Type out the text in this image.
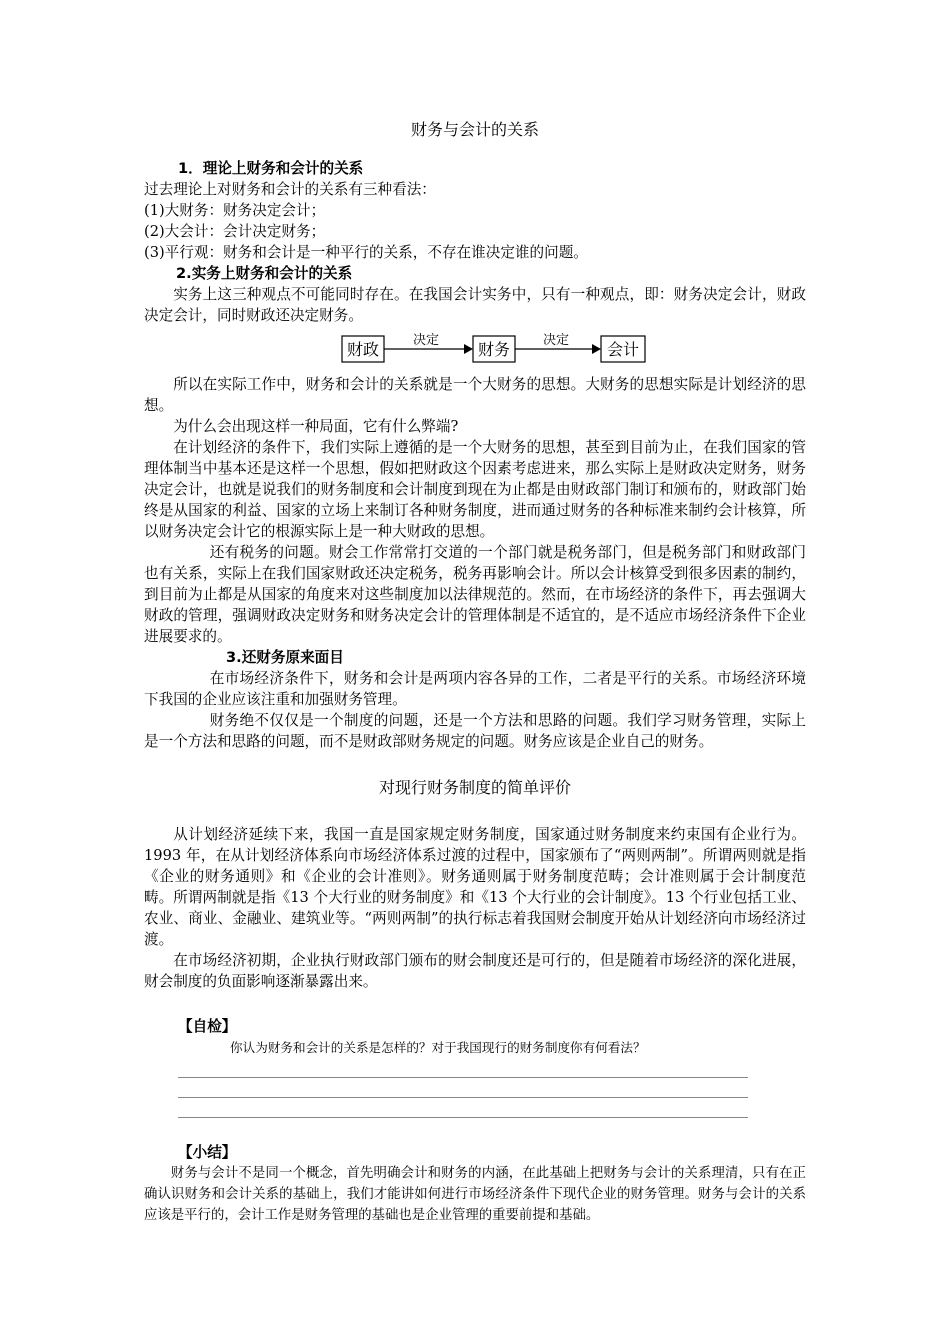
财务与会计的关系
1．理论上财务和会计的关系

过去理论上对财务和会计的关系有三种看法：

(1)大财务：财务决定会计；

(2)大会计：会计决定财务；

(3)平行观：财务和会计是一种平行的关系，不存在谁决定谁的问题。

2.实务上财务和会计的关系

实务上这三种观点不可能同时存在。在我国会计实务中，只有一种观点，即：财务决定会计，财政决定会计，同时财政还决定财务。

财政	决定 财务	决定 会计

所以在实际工作中，财务和会计的关系就是一个大财务的思想。大财务的思想实际是计划经济的思想。

为什么会出现这样一种局面，它有什么弊端?

在计划经济的条件下，我们实际上遵循的是一个大财务的思想，甚至到目前为止，在我们国家的管理体制当中基本还是这样一个思想，假如把财政这个因素考虑进来，那么实际上是财政决定财务，财务决定会计，也就是说我们的财务制度和会计制度到现在为止都是由财政部门制订和颁布的，财政部门始终是从国家的利益、国家的立场上来制订各种财务制度，进而通过财务的各种标准来制约会计核算，所以财务决定会计它的根源实际上是一种大财政的思想。

还有税务的问题。财会工作常常打交道的一个部门就是税务部门，但是税务部门和财政部门也有关系，实际上在我们国家财政还决定税务，税务再影响会计。所以会计核算受到很多因素的制约，到目前为止都是从国家的角度来对这些制度加以法律规范的。然而，在市场经济的条件下，再去强调大财政的管理，强调财政决定财务和财务决定会计的管理体制是不适宜的，是不适应市场经济条件下企业进展要求的。

3.还财务原来面目

在市场经济条件下，财务和会计是两项内容各异的工作，二者是平行的关系。市场经济环境下我国的企业应该注重和加强财务管理。

财务绝不仅仅是一个制度的问题，还是一个方法和思路的问题。我们学习财务管理，实际上是一个方法和思路的问题，而不是财政部财务规定的问题。财务应该是企业自己的财务。

对现行财务制度的简单评价

从计划经济延续下来，我国一直是国家规定财务制度，国家通过财务制度来约束国有企业行为。1993 年，在从计划经济体系向市场经济体系过渡的过程中，国家颁布了“两则两制”。所谓两则就是指《企业的财务通则》和《企业的会计准则》。财务通则属于财务制度范畴；会计准则属于会计制度范畴。所谓两制就是指《13 个大行业的财务制度》和《13 个大行业的会计制度》。13 个行业包括工业、农业、商业、金融业、建筑业等。“两则两制”的执行标志着我国财会制度开始从计划经济向市场经济过渡。

在市场经济初期，企业执行财政部门颁布的财会制度还是可行的，但是随着市场经济的深化进展，财会制度的负面影响逐渐暴露出来。

【自检】
你认为财务和会计的关系是怎样的？对于我国现行的财务制度你有何看法？
【小结】

财务与会计不是同一个概念，首先明确会计和财务的内涵，在此基础上把财务与会计的关系理清，只有在正确认识财务和会计关系的基础上，我们才能讲如何进行市场经济条件下现代企业的财务管理。财务与会计的关系应该是平行的，会计工作是财务管理的基础也是企业管理的重要前提和基础。
